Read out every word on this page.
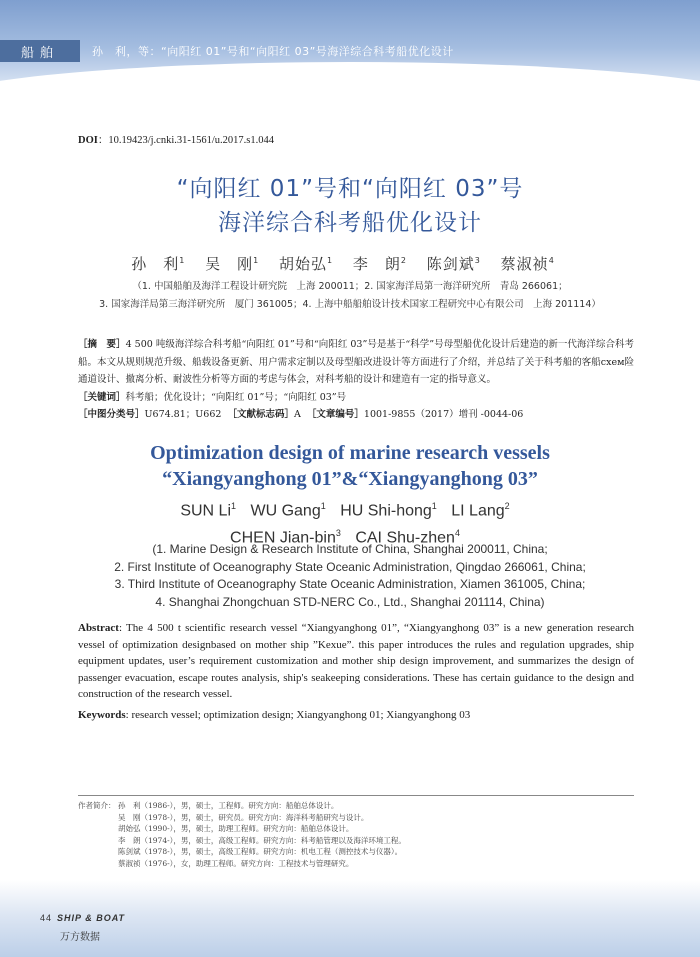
船舶	孙　利，等：“向阳红 01”号和“向阳红 03”号海洋综合科考船优化设计
DOI：10.19423/j.cnki.31-1561/u.2017.s1.044
“向阳红 01”号和“向阳红 03”号
海洋综合科考船优化设计
孙　利$^1$ 吴　刚$^1$ 胡始弘$^1$ 李　朗$^2$ 陈剑斌$^3$ 蔡淑祯$^4$
（1. 中国船舶及海洋工程设计研究院　上海 200011；2. 国家海洋局第一海洋研究所　青岛 266061；
3. 国家海洋局第三海洋研究所　厦门 361005；4. 上海中船船舶设计技术国家工程研究中心有限公司　上海 201114）
［摘　要］4 500 吨级海洋综合科考船“向阳红 01”号和“向阳红 03”号是基于“科学”号母型船优化设计后建造的新一代海洋综合科考船。本文从规则规范升级、船载设备更新、用户需求定制以及母型船改进设计等方面进行了介绍，并总结了关于科考船的客船схем险通道设计、撤离分析、耐波性分析等方面的考虑与体会，对科考船的设计和建造有一定的指导意义。
［关键词］科考船；优化设计；“向阳红 01”号；“向阳红 03”号
［中图分类号］U674.81；U662 ［文献标志码］A ［文章编号］1001-9855（2017）增刊 -0044-06
Optimization design of marine research vessels
“Xiangyanghong 01”&“Xiangyanghong 03”
SUN Li$^1$ WU Gang$^1$ HU Shi-hong$^1$ LI Lang$^2$
CHEN Jian-bin$^3$ CAI Shu-zhen$^4$
(1. Marine Design & Research Institute of China, Shanghai 200011, China;
2. First Institute of Oceanography State Oceanic Administration, Qingdao 266061, China;
3. Third Institute of Oceanography State Oceanic Administration, Xiamen 361005, China;
4. Shanghai Zhongchuan STD-NERC Co., Ltd., Shanghai 201114, China)
Abstract: The 4 500 t scientific research vessel “Xiangyanghong 01”, “Xiangyanghong 03” is a new generation research vessel of optimization designbased on mother ship ”Kexue”. this paper introduces the rules and regulation upgrades, ship equipment updates, user’s requirement customization and mother ship design improvement, and summarizes the design of passenger evacuation, escape routes analysis, ship's seakeeping considerations. These has certain guidance to the design and construction of the research vessel.
Keywords: research vessel; optimization design; Xiangyanghong 01; Xiangyanghong 03
作者简介： 孙　利（1986-），男，硕士，工程师。研究方向：船舶总体设计。
吴　刚（1978-），男，硕士，研究员。研究方向：海洋科考船研究与设计。
胡始弘（1990-），男，硕士，助理工程师。研究方向：船舶总体设计。
李　朗（1974-），男，硕士，高级工程师。研究方向：科考船管理以及海洋环境工程。
陈剑斌（1978-），男，硕士，高级工程师。研究方向：机电工程（测控技术与仪器）。
蔡淑祯（1976-），女，助理工程师。研究方向：工程技术与管理研究。
44 SHIP & BOAT
万方数据
